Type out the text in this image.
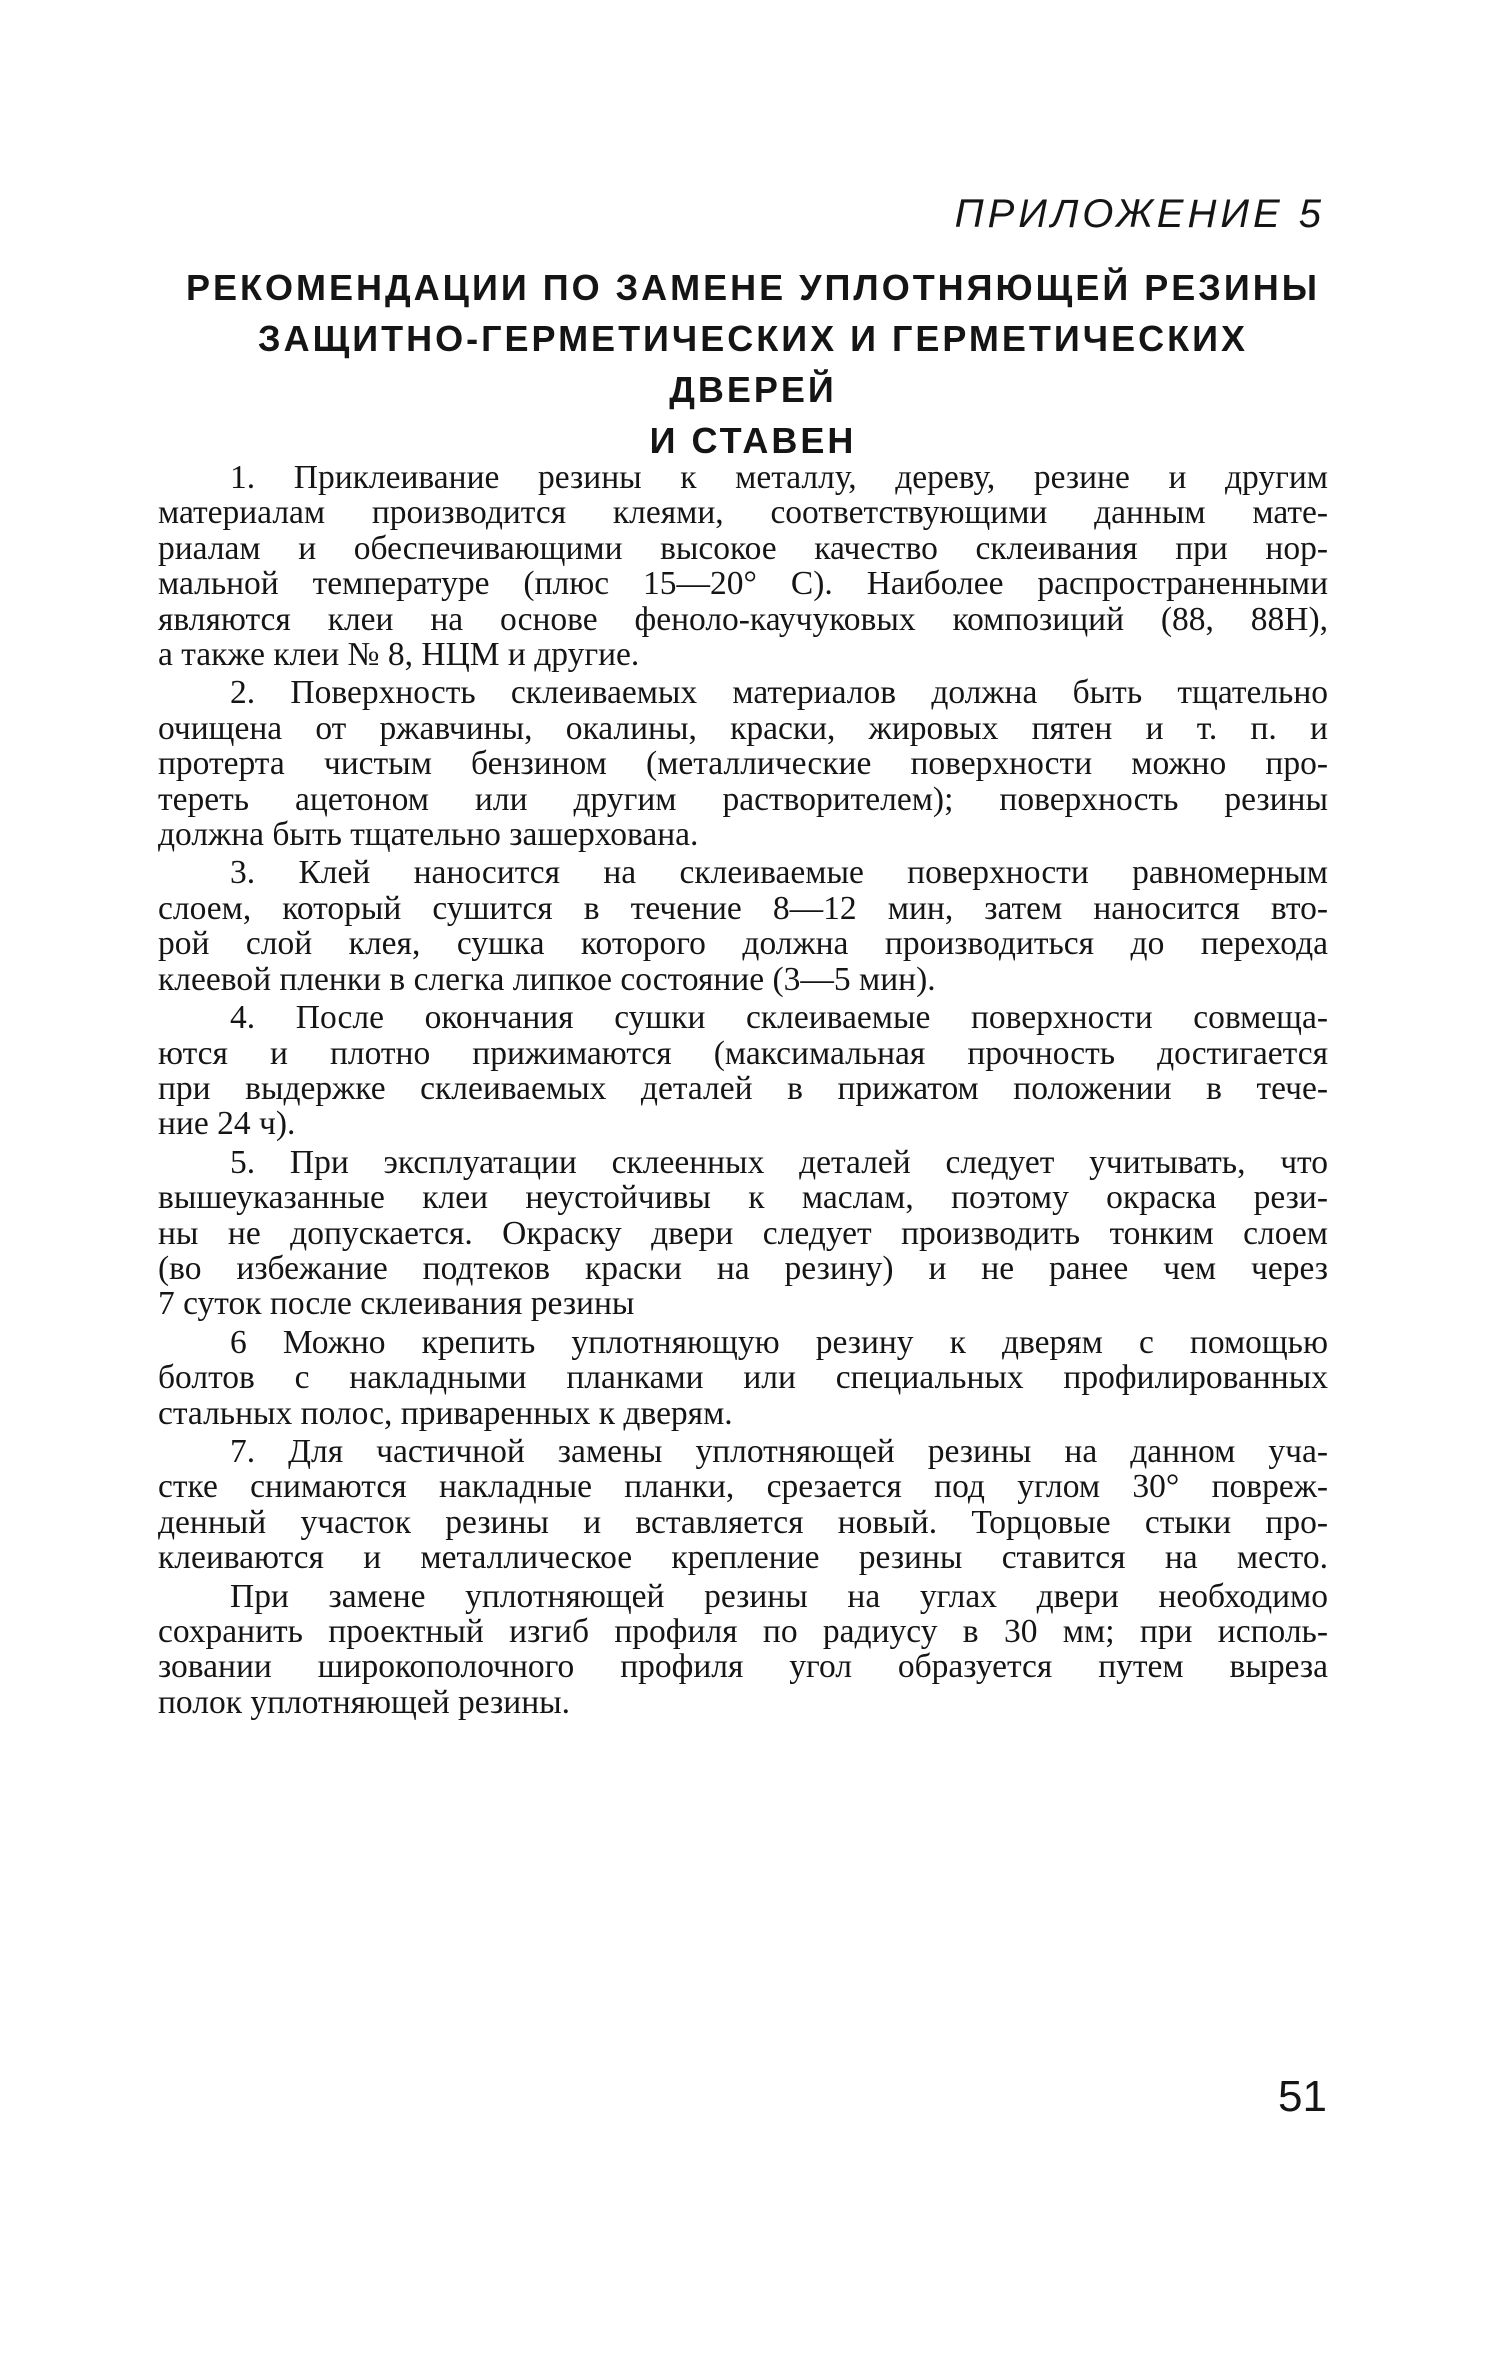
ПРИЛОЖЕНИЕ 5
РЕКОМЕНДАЦИИ ПО ЗАМЕНЕ УПЛОТНЯЮЩЕЙ РЕЗИНЫ
ЗАЩИТНО-ГЕРМЕТИЧЕСКИХ И ГЕРМЕТИЧЕСКИХ ДВЕРЕЙ
И СТАВЕН
1. Приклеивание резины к металлу, дереву, резине и другим
материалам производится клеями, соответствующими данным мате-
риалам и обеспечивающими высокое качество склеивания при нор-
мальной температуре (плюс 15—20° С). Наиболее распространенными
являются клеи на основе феноло-каучуковых композиций (88, 88Н),
а также клеи № 8, НЦМ и другие.
2. Поверхность склеиваемых материалов должна быть тщательно
очищена от ржавчины, окалины, краски, жировых пятен и т. п. и
протерта чистым бензином (металлические поверхности можно про-
тереть ацетоном или другим растворителем); поверхность резины
должна быть тщательно зашерхована.
3. Клей наносится на склеиваемые поверхности равномерным
слоем, который сушится в течение 8—12 мин, затем наносится вто-
рой слой клея, сушка которого должна производиться до перехода
клеевой пленки в слегка липкое состояние (3—5 мин).
4. После окончания сушки склеиваемые поверхности совмеща-
ются и плотно прижимаются (максимальная прочность достигается
при выдержке склеиваемых деталей в прижатом положении в тече-
ние 24 ч).
5. При эксплуатации склеенных деталей следует учитывать, что
вышеуказанные клеи неустойчивы к маслам, поэтому окраска рези-
ны не допускается. Окраску двери следует производить тонким слоем
(во избежание подтеков краски на резину) и не ранее чем через
7 суток после склеивания резины
6 Можно крепить уплотняющую резину к дверям с помощью
болтов с накладными планками или специальных профилированных
стальных полос, приваренных к дверям.
7. Для частичной замены уплотняющей резины на данном уча-
стке снимаются накладные планки, срезается под углом 30° повреж-
денный участок резины и вставляется новый. Торцовые стыки про-
клеиваются и металлическое крепление резины ставится на место.
При замене уплотняющей резины на углах двери необходимо
сохранить проектный изгиб профиля по радиусу в 30 мм; при исполь-
зовании широкополочного профиля угол образуется путем выреза
полок уплотняющей резины.
51
